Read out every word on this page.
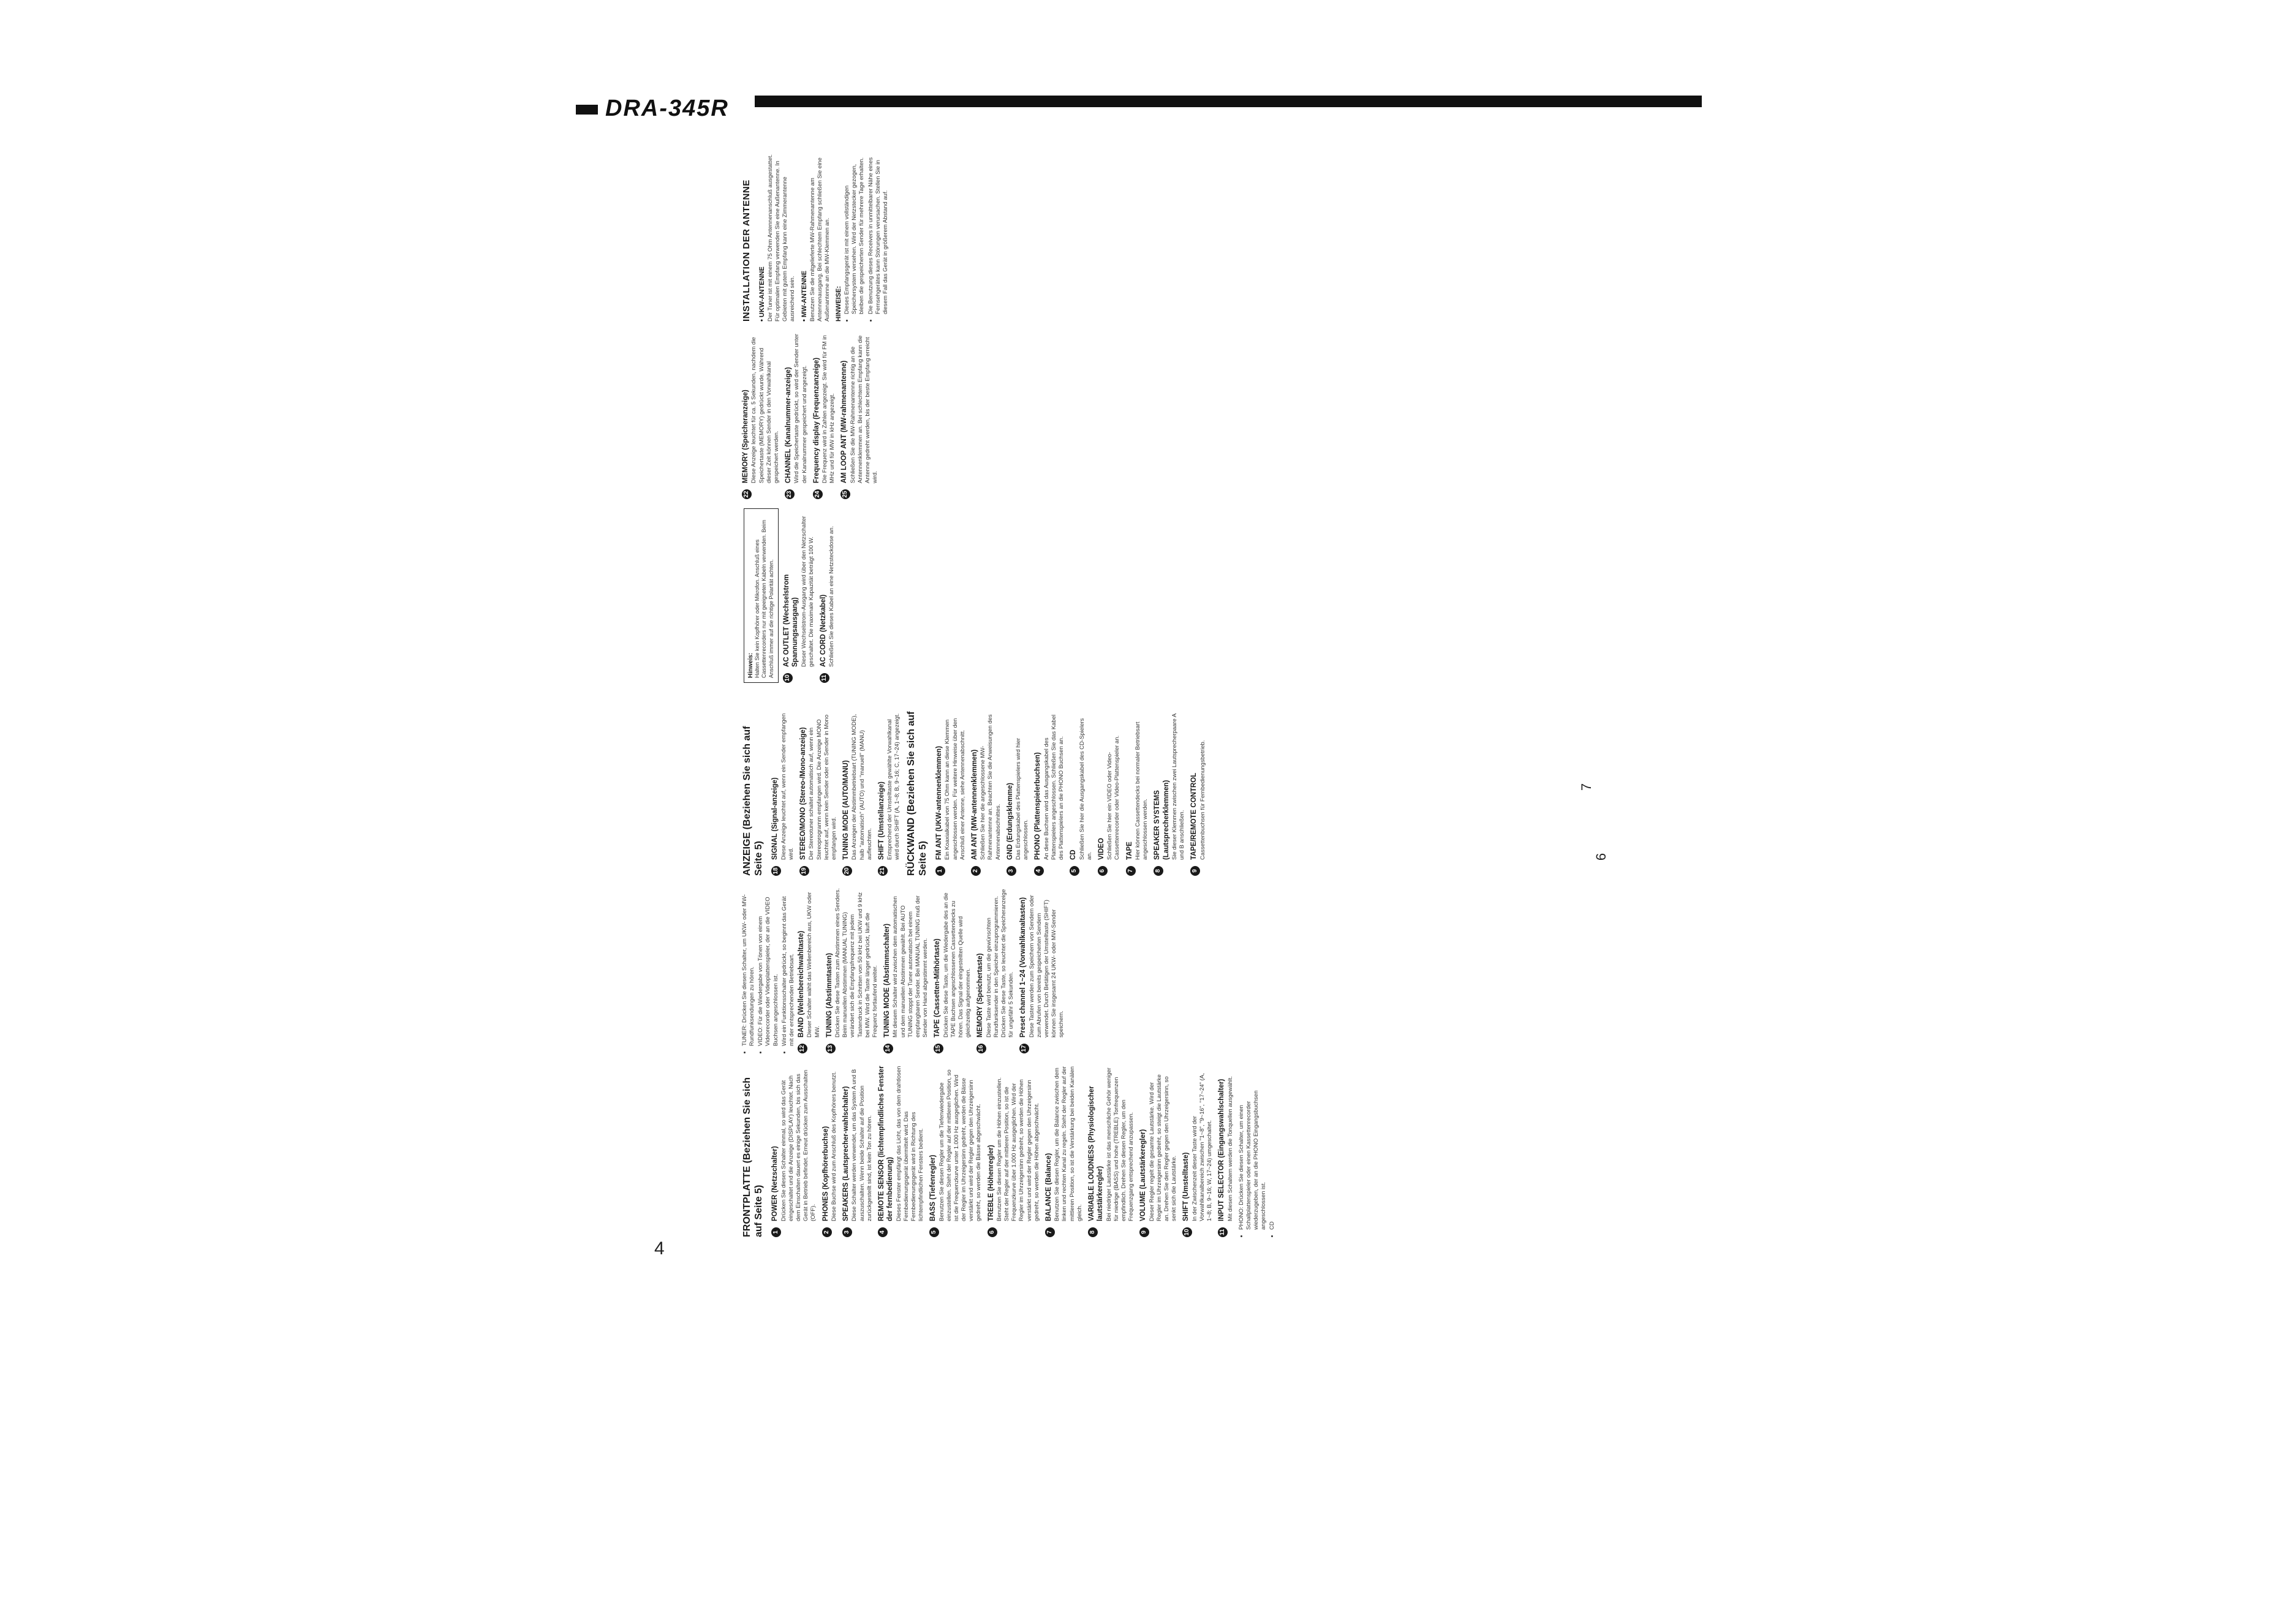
DRA-345R
4
6
7
FRONTPLATTE (Beziehen Sie sich auf Seite 5) 1
POWER (Netzschalter) Drücken Sie diesen Schalter einmal, so wird das Gerät eingeschaltet und die Anzeige (DISPLAY) leuchtet. Nach dem Einschalten dauert es einige Sekunden, bis sich das Gerät in Betrieb befindet. Erneut drücken zum Ausschalten (OFF).
2
PHONES (Kopfhörerbuchse) Diese Buchse wird zum Anschluß des Kopfhörers benutzt.
3
SPEAKERS (Lautsprecher-wahlschalter) Diese Schalter werden verwendet, um das System A und B auszuschalten. Wenn beide Schalter auf die Position zurückgestellt sind, ist kein Ton zu hören.
4
REMOTE SENSOR (lichtempfindliches Fenster der fernbedienung) Dieses Fenster empfängt das Licht, das von dem drahtlosen Fernbedienungsgerät übermittelt wird. Das Fernbedienungsgerät wird in Richtung des lichtempfindlichen Fensters bedient.
5
BASS (Tiefenregler) Benutzen Sie diesen Regler um die Tiefenwiedergabe einzustellen. Steht der Regler auf der mittleren Position, so ist die Frequenzkurve unter 1.000 Hz ausgeglichen. Wird der Regler im Uhrzeigersinn gedreht, werden die Bässe verstärkt und wird der Regler gegen den Uhrzeigersinn gedreht, so werden die Bässe abgeschwächt.
6
TREBLE (Höhenregler) Benutzen Sie diesen Regler um die Höhen einzustellen. Steht der Regler auf der mittleren Position, so ist die Frequenzkurve über 1.000 Hz ausgeglichen. Wird der Regler im Uhrzeigersinn gedreht, so werden die Höhen verstärkt und wird der Regler gegen den Uhrzeigersinn gedreht, so werden die Höhen abgeschwächt.
7
BALANCE (Balance) Benutzen Sie diesen Regler, um die Balance zwischen dem linken und rechten Kanal zu regeln. Steht der Regler auf der mittleren Position, so ist die Verstärkung bei beiden Kanälen gleich.
8
VARIABLE LOUDNESS (Physiologischer lautstärkeregler) Bei niedriger Lautstärke ist das menschliche Gehör weniger für niedrige (BASS) und hohe (TREBLE) Tonfrequenzen empfindlich. Drehen Sie diesen Regler, um den Frequenzgang entsprechend anzupassen.
9
VOLUME (Lautstärkeregler) Dieser Regler regelt die gesamte Lautstärke. Wird der Regler im Uhrzeigersinn gedreht, so steigt die Lautstärke an. Drehen Sie den Regler gegen den Uhrzeigersinn, so senkt sich die Lautstärke.
10
SHIFT (Umstelltaste) In der Zwischenzeit dieser Taste wird der Vorwahlkanalbereich zwischen "1~8", "9~16", "17~24" (A, 1~8; B, 9~16; W, 17~24) umgeschaltet.
11
INPUT SELECTOR (Eingangswahlschalter) Mit diesen Schaltern werden die Tonquellen ausgewählt. • PHONO: Drücken Sie diesen Schalter, um einen Schallplattenspieler oder einen Kassettenrecorder wiederzugeben, der an die PHONO Eingangsbuchsen angeschlossen ist. • CD
• TUNER: Drücken Sie diesen Schalter, um UKW- oder MW-Rundfunksendungen zu hören. • VIDEO: Für die Wiedergabe von Tönen von einem Videorecorder oder Videoplattenspieler, der an die VIDEO Buchsen angeschlossen ist. • Wird ein Funktionsschalter gedrückt, so beginnt das Gerät mit der entsprechenden Betriebsart.
12
BAND (Wellenbereichwahltaste) Dieser Schalter wählt das Wellenbereich aus, UKW oder MW.
13
TUNING (Abstimmtasten) Drücken Sie diese Tasten zum Abstimmen eines Senders. Beim manuellen Abstimmen (MANUAL TUNING) verändert sich die Empfangsfrequenz mit jedem Tastendruck in Schritten von 50 kHz bei UKW und 9 kHz bei MW. Wird die Taste länger gedrückt, läuft die Frequenz fortlaufend weiter.
14
TUNING MODE (Abstimmschalter) Mit diesem Schalter wird zwischen dem automatischen und dem manuellen Abstimmen gewählt. Bei AUTO TUNING stoppt der Tuner automatisch bei einem empfangbaren Sender. Bei MANUAL TUNING muß der Sender von Hand abgestimmt werden.
15
TAPE (Cassetten-Mithörtaste) Drücken Sie diese Taste, um die Wiedergabe des an die TAPE Buchsen angeschlossenen Cassettendecks zu hören. Das Signal der eingestellten Quelle wird gleichzeitig aufgenommen.
16
MEMORY (Speichertaste) Diese Taste wird benutzt, um die gewünschten Rundfunksender in den Speicher einzuprogrammieren. Drücken Sie diese Taste, so leuchtet die Speicheranzeige für ungefähr 5 Sekunden.
17
Preset channel 1~24 (Vorwahlkanaltasten) Diese Tasten werden zum Speichern von Sendern oder zum Abrufen von bereits gespeicherten Sendern verwendet. Durch Betätigen der Umstelltaste (SHIFT) können Sie insgesamt 24 UKW- oder MW-Sender speichern.
ANZEIGE (Beziehen Sie sich auf Seite 5) 18
SIGNAL (Signal-anzeige) Diese Anzeige leuchtet auf, wenn ein Sender empfangen wird.
19
STEREO/MONO (Stereo-/Mono-anzeige) Der Stereotuner schaltet automatisch auf, wenn ein Stereoprogramm empfangen wird. Die Anzeige MONO leuchtet auf, wenn kein Sender oder ein Sender in Mono empfangen wird.
20
TUNING MODE (AUTO/MANU) Das Anzeigen der Abstimmbetriebsart (TUNING MODE), halb "automatisch" (AUTO) und "manuell" (MANU) aufleuchten.
21
SHIFT (Umstellanzeige) Entsprechend der Umstelltaste gewählte Vorwahlkanal wird durch SHIFT (A, 1~8; B, 9~16; C, 17~24) angezeigt. RÜCKWAND (Beziehen Sie sich auf Seite 5) 1
FM ANT (UKW-antennenklemmen) Ein Koaxialkabel von 75 Ohm kann an diese Klemmen angeschlossen werden. Für weitere Hinweise über den Anschluß einer Antenne, siehe Antennenabschnitt.
2
AM ANT (MW-antennenklemmen) Schließen Sie hier die angeschlossene MW-Rahmenantenne an. Beachten Sie die Anweisungen des Antennenabschnittes.
3
GND (Erdungsklemme) Das Erdungskabel des Plattenspielers wird hier angeschlossen.
4
PHONO (Plattenspielerbuchsen) An diese Buchsen wird das Ausgangskabel des Plattenspielers angeschlossen. Schließen Sie das Kabel des Plattenspielers an die PHONO Buchsen an.
5
CD Schließen Sie hier die Ausgangskabel des CD-Spielers an.
6
VIDEO Schließen Sie hier ein VIDEO oder Video-Cassettenrecorder oder Video-Plattenspieler an.
7
TAPE Hier können Cassettendecks bei normaler Betriebsart angeschlossen werden.
8
SPEAKER SYSTEMS (Lautsprecherklemmen) Sie dieser Klemmen zwischen zwei Lautsprecherpaare A und B anschließen.
9
TAPE/REMOTE CONTROL Cassettenbuchsen für Fernbedienungsbetrieb.
Hinweis: Halten Sie kein Kopfhörer oder Mikrofon. Anschluß eines Cassettenrecorders nur mit geeigneten Kabeln verwenden. Beim Anschluß immer auf die richtige Polarität achten. 10
AC OUTLET (Wechselstrom Spannungsausgang) Dieser Wechselstrom-Ausgang wird über den Netzschalter geschaltet. Die maximale Kapazität beträgt 100 W.
11
AC CORD (Netzkabel) Schließen Sie dieses Kabel an eine Netzsteckdose an.
22
MEMORY (Speicheranzeige) Diese Anzeige leuchtet für ca. 5 Sekunden, nachdem die Speichertaste (MEMORY) gedrückt wurde. Während dieser Zeit können Sender in den Vorwahlkanal gespeichert werden.
23
CHANNEL (Kanalnummer-anzeige) Wird die Speichertaste gedrückt, so wird der Sender unter der Kanalnummer gespeichert und angezeigt.
24
Frequency display (Frequenzanzeige) Die Frequenz wird in Zahlen angezeigt. Sie wird für FM in MHz und für MW in kHz angezeigt.
25
AM LOOP ANT (MW-rahmenantenne) Schließen Sie die MW-Rahmenantenne richtig an die Antennenklemmen an. Bei schlechtem Empfang kann die Antenne gedreht werden, bis der beste Empfang erreicht wird.
INSTALLATION DER ANTENNE • UKW-ANTENNE Der Tuner ist mit einem 75 Ohm Antennenanschluß ausgestattet. Für optimalen Empfang verwenden Sie eine Außenantenne. In Gebieten mit gutem Empfang kann eine Zimmerantenne ausreichend sein. • MW-ANTENNE Benutzen Sie die mitgelieferte MW-Rahmenantenne am Antennenausgang. Bei schlechtem Empfang schließen Sie eine Außenantenne an die MW-Klemmen an. HINWEISE: • Dieses Empfangsgerät ist mit einem vollständigen Speichersystem versehen. Wird der Netzstecker gezogen, bleiben die gespeicherten Sender für mehrere Tage erhalten. • Die Benutzung dieses Receivers in unmittelbarer Nähe eines Fernsehgerätes kann Störungen verursachen. Stellen Sie in diesem Fall das Gerät in größerem Abstand auf.
